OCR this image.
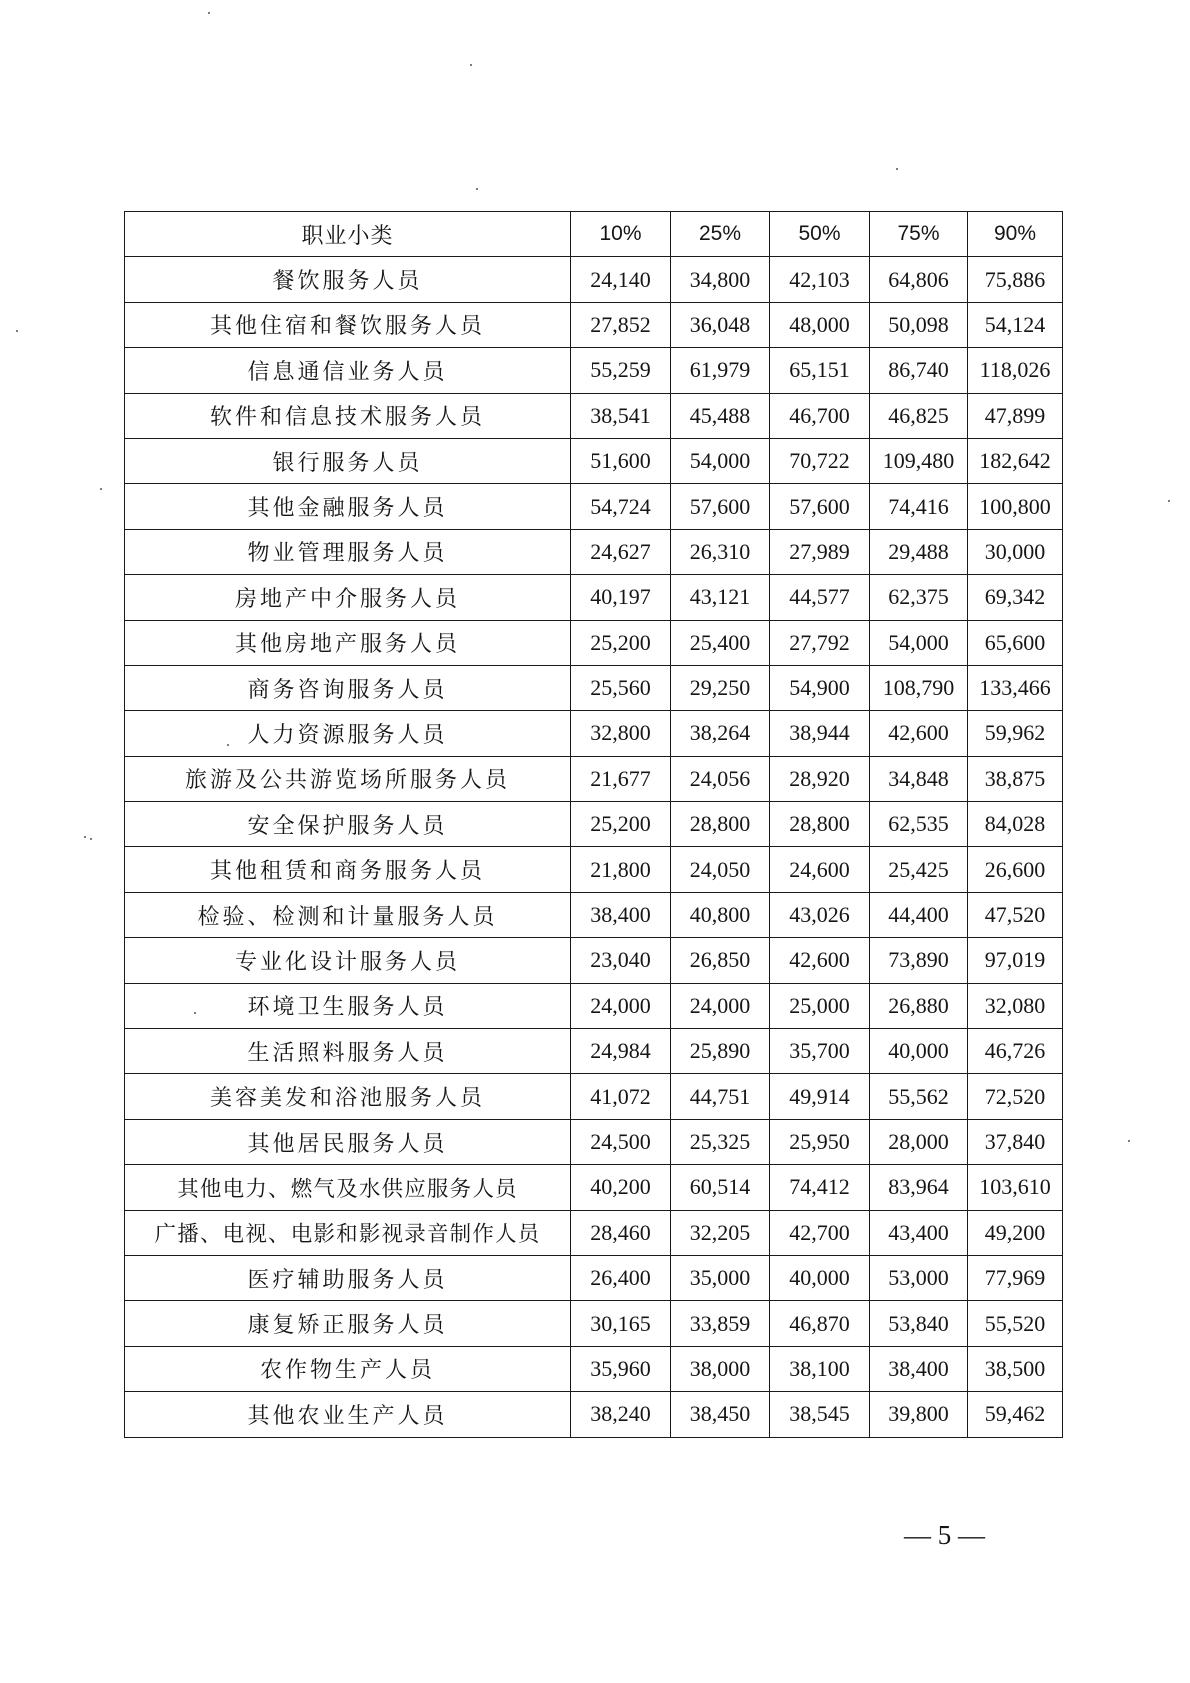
职业小类	10%	25%	50%	75%	90%
餐饮服务人员	24,140	34,800	42,103	64,806	75,886
其他住宿和餐饮服务人员	27,852	36,048	48,000	50,098	54,124
信息通信业务人员	55,259	61,979	65,151	86,740	118,026
软件和信息技术服务人员	38,541	45,488	46,700	46,825	47,899
银行服务人员	51,600	54,000	70,722	109,480	182,642
其他金融服务人员	54,724	57,600	57,600	74,416	100,800
物业管理服务人员	24,627	26,310	27,989	29,488	30,000
房地产中介服务人员	40,197	43,121	44,577	62,375	69,342
其他房地产服务人员	25,200	25,400	27,792	54,000	65,600
商务咨询服务人员	25,560	29,250	54,900	108,790	133,466
人力资源服务人员	32,800	38,264	38,944	42,600	59,962
旅游及公共游览场所服务人员	21,677	24,056	28,920	34,848	38,875
安全保护服务人员	25,200	28,800	28,800	62,535	84,028
其他租赁和商务服务人员	21,800	24,050	24,600	25,425	26,600
检验、检测和计量服务人员	38,400	40,800	43,026	44,400	47,520
专业化设计服务人员	23,040	26,850	42,600	73,890	97,019
环境卫生服务人员	24,000	24,000	25,000	26,880	32,080
生活照料服务人员	24,984	25,890	35,700	40,000	46,726
美容美发和浴池服务人员	41,072	44,751	49,914	55,562	72,520
其他居民服务人员	24,500	25,325	25,950	28,000	37,840
其他电力、燃气及水供应服务人员	40,200	60,514	74,412	83,964	103,610
广播、电视、电影和影视录音制作人员	28,460	32,205	42,700	43,400	49,200
医疗辅助服务人员	26,400	35,000	40,000	53,000	77,969
康复矫正服务人员	30,165	33,859	46,870	53,840	55,520
农作物生产人员	35,960	38,000	38,100	38,400	38,500
其他农业生产人员	38,240	38,450	38,545	39,800	59,462
— 5 —
